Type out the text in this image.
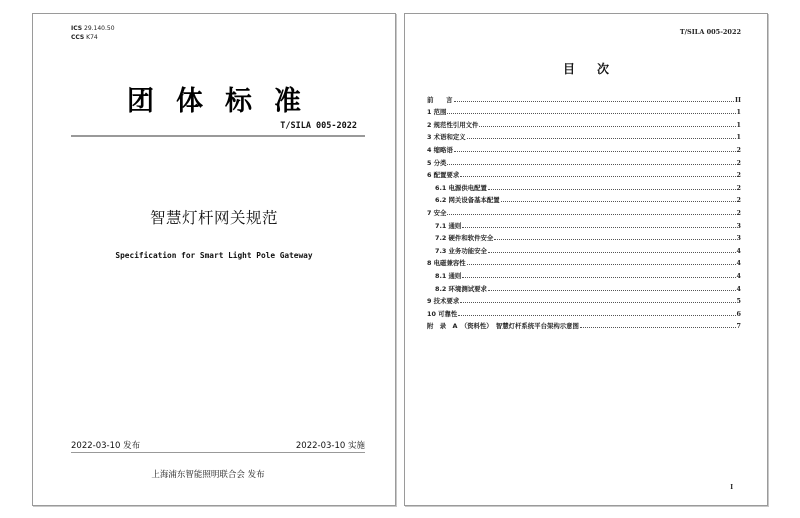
ICS 29.140.50
CCS K74
团体标准
T/SILA 005-2022
智慧灯杆网关规范
Specification for Smart Light Pole Gateway
2022-03-10 发布	2022-03-10 实施
上海浦东智能照明联合会 发布
T/SILA 005-2022
目次
前　　言	II
1 范围	1
2 规范性引用文件	1
3 术语和定义	1
4 缩略语	2
5 分类	2
6 配置要求	2
6.1 电源供电配置	2
6.2 网关设备基本配置	2
7 安全	2
7.1 通则	3
7.2 硬件和软件安全	3
7.3 业务功能安全	4
8 电磁兼容性	4
8.1 通则	4
8.2 环境测试要求	4
9 技术要求	5
10 可靠性	6
附　录　A　（资料性）　智慧灯杆系统平台架构示意图	7
I
